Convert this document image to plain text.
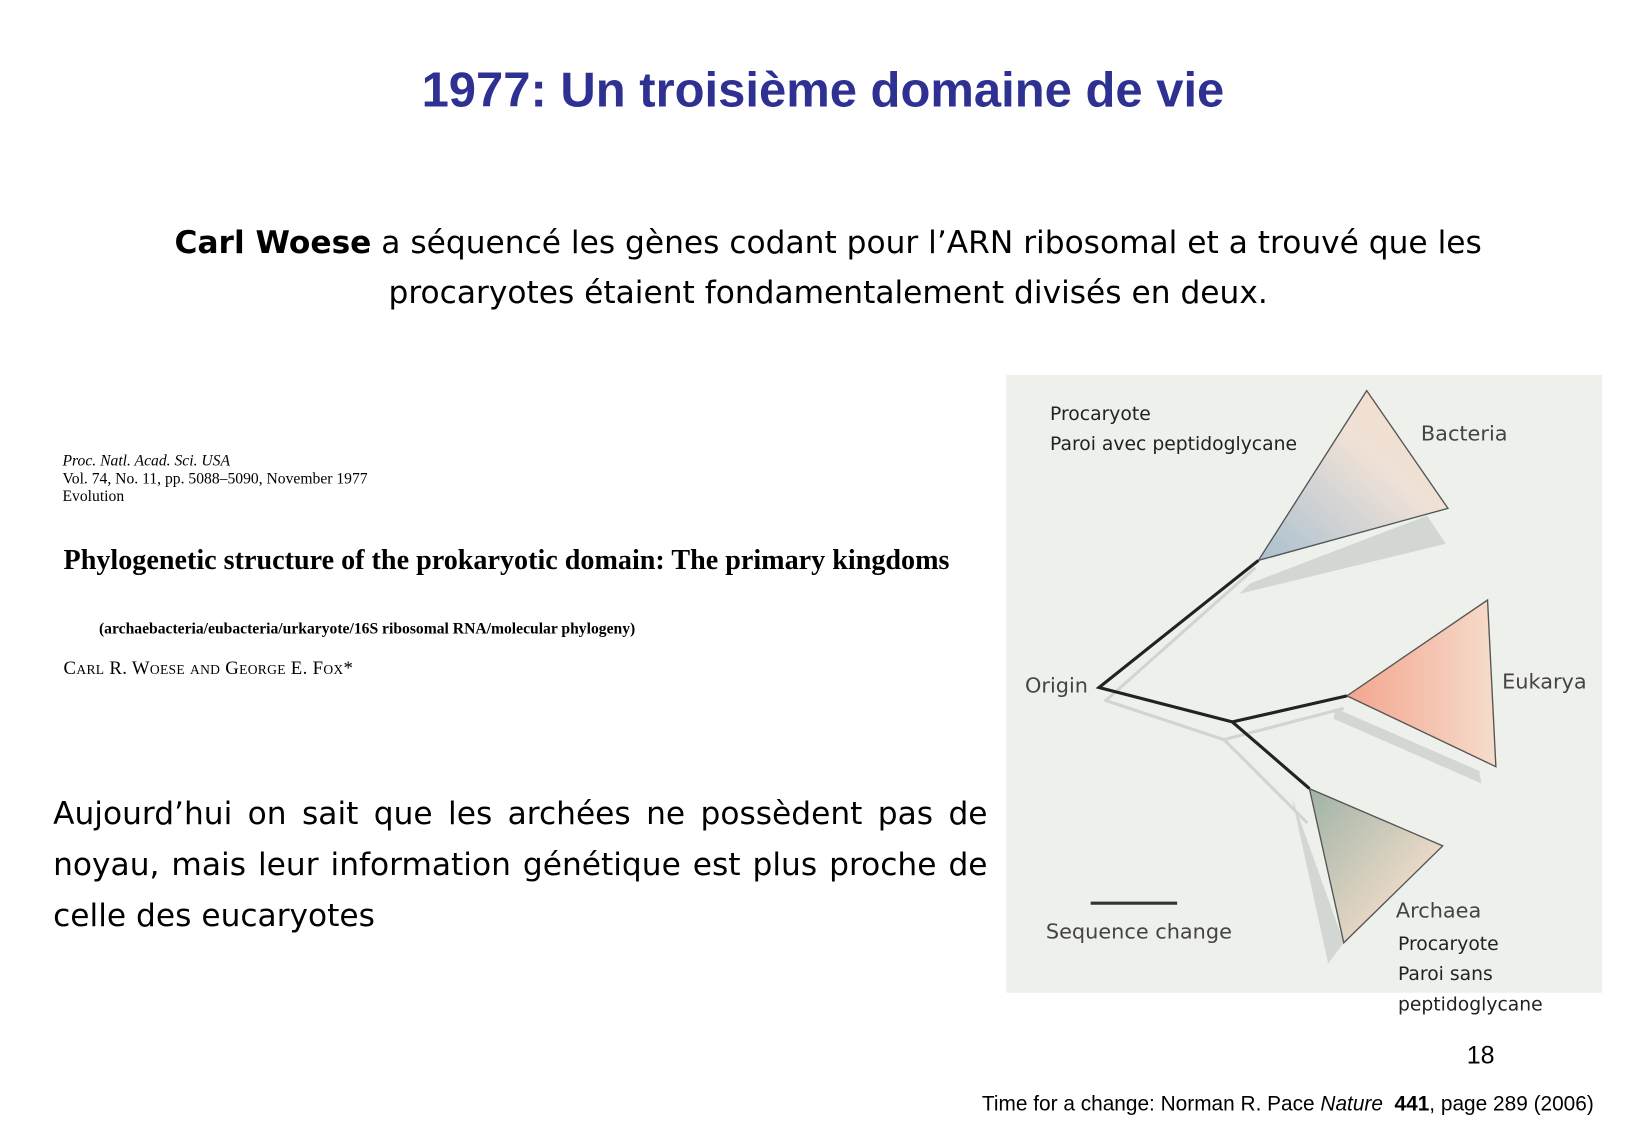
1977: Un troisième domaine de vie
Carl Woese a séquencé les gènes codant pour l’ARN ribosomal et a trouvé que les procaryotes étaient fondamentalement divisés en deux.
Proc. Natl. Acad. Sci. USA
Vol. 74, No. 11, pp. 5088–5090, November 1977
Evolution
Phylogenetic structure of the prokaryotic domain: The primary kingdoms
(archaebacteria/eubacteria/urkaryote/16S ribosomal RNA/molecular phylogeny)
Carl R. Woese and George E. Fox*
Aujourd’hui on sait que les archées ne possèdent pas de noyau, mais leur information génétique est plus proche de celle des eucaryotes
Origin
Bacteria
Eukarya
Archaea
Sequence change
Procaryote
Paroi avec peptidoglycane
Procaryote
Paroi sans
peptidoglycane
18
Time for a change: Norman R. Pace Nature 441, page 289 (2006)
